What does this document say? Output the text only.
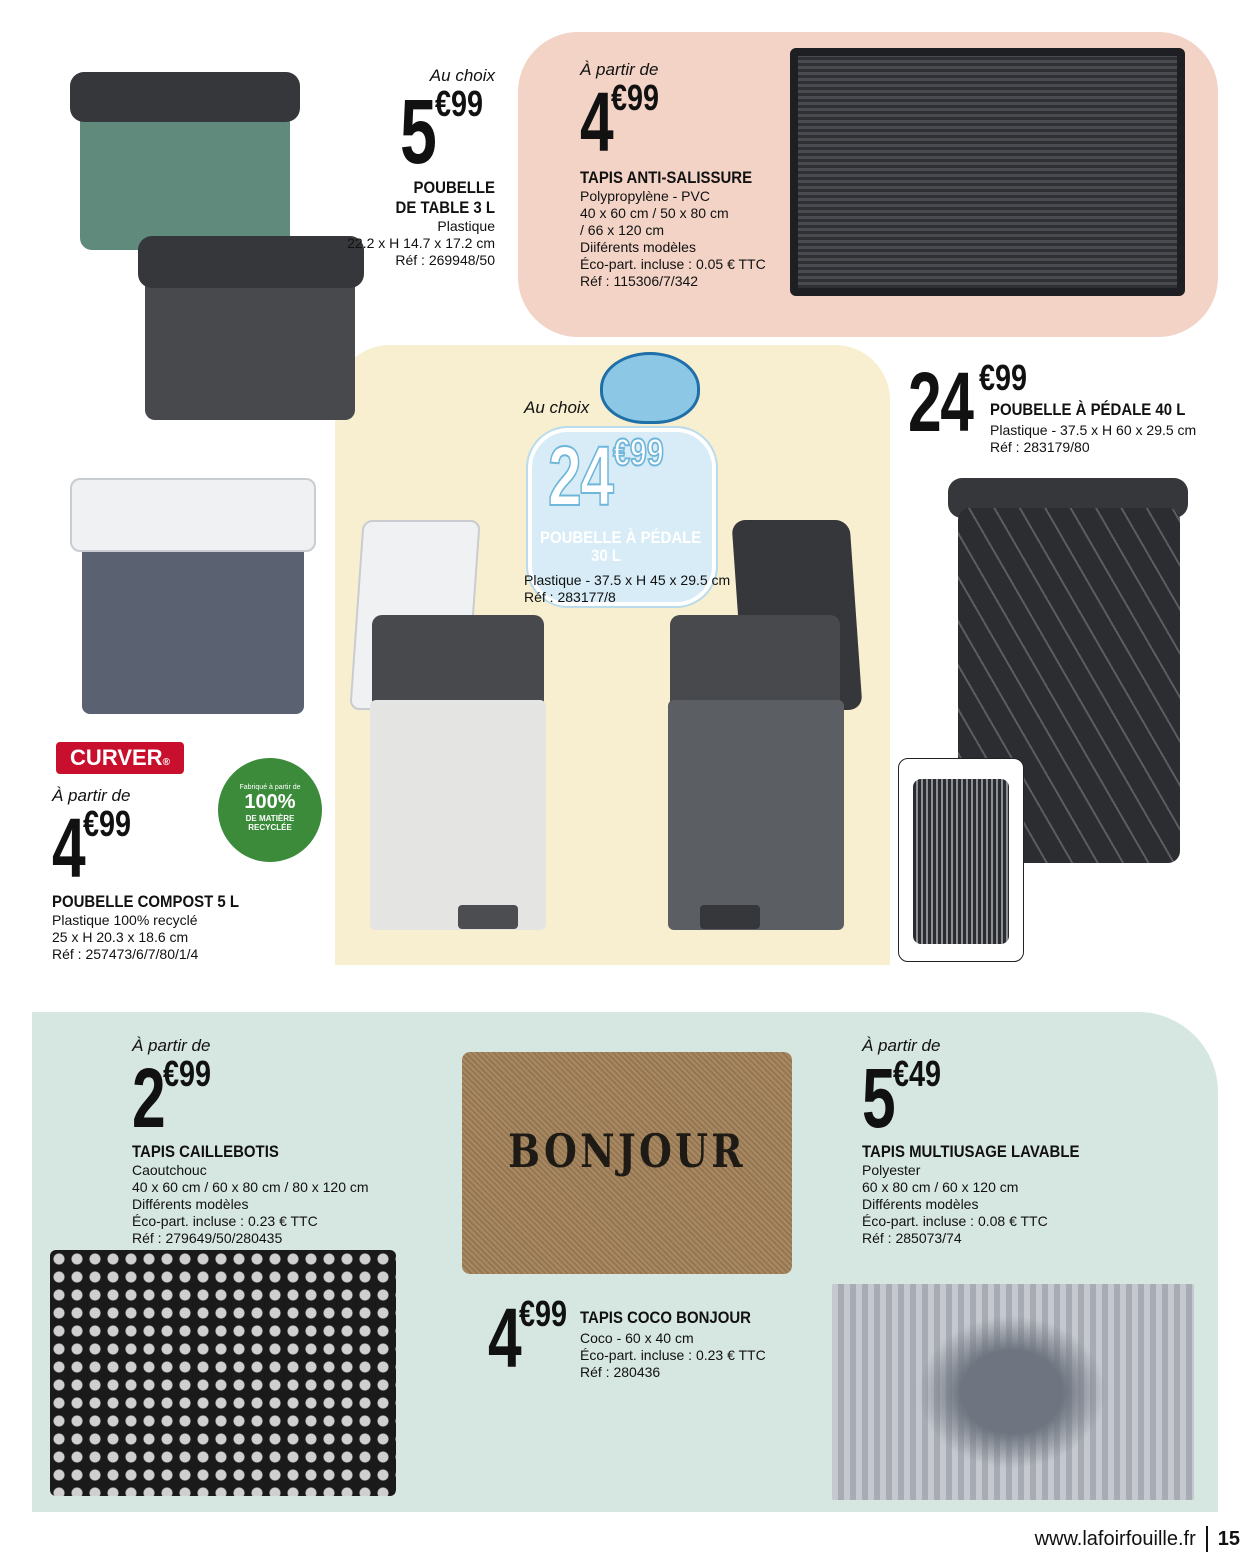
Au choix
5 €99
POUBELLE
DE TABLE 3 L
Plastique
22.2 x H 14.7 x 17.2 cm
Réf : 269948/50
À partir de
4
€99
TAPIS ANTI-SALISSURE
Polypropylène - PVC
40 x 60 cm / 50 x 80 cm
/ 66 x 120 cm
Diiférents modèles
Éco-part. incluse : 0.05 € TTC
Réf : 115306/7/342
Au choix
24 €99
POUBELLE À PÉDALE
30 L
Plastique - 37.5 x H 45 x 29.5 cm
Réf : 283177/8
24 €99
POUBELLE À PÉDALE 40 L
Plastique - 37.5 x H 60 x 29.5 cm
Réf : 283179/80
CURVER®
Fabriqué à partir de
100%
DE MATIÈRE
RECYCLÉE
À partir de
4
€99
POUBELLE COMPOST 5 L
Plastique 100% recyclé
25 x H 20.3 x 18.6 cm
Réf : 257473/6/7/80/1/4
À partir de
2
€99
TAPIS CAILLEBOTIS
Caoutchouc
40 x 60 cm / 60 x 80 cm / 80 x 120 cm
Différents modèles
Éco-part. incluse : 0.23 € TTC
Réf : 279649/50/280435
BONJOUR
4
€99 TAPIS COCO BONJOUR
Coco - 60 x 40 cm
Éco-part. incluse : 0.23 € TTC
Réf : 280436
À partir de
5
€49
TAPIS MULTIUSAGE LAVABLE
Polyester
60 x 80 cm / 60 x 120 cm
Différents modèles
Éco-part. incluse : 0.08 € TTC
Réf : 285073/74
www.lafoirfouille.fr 15
